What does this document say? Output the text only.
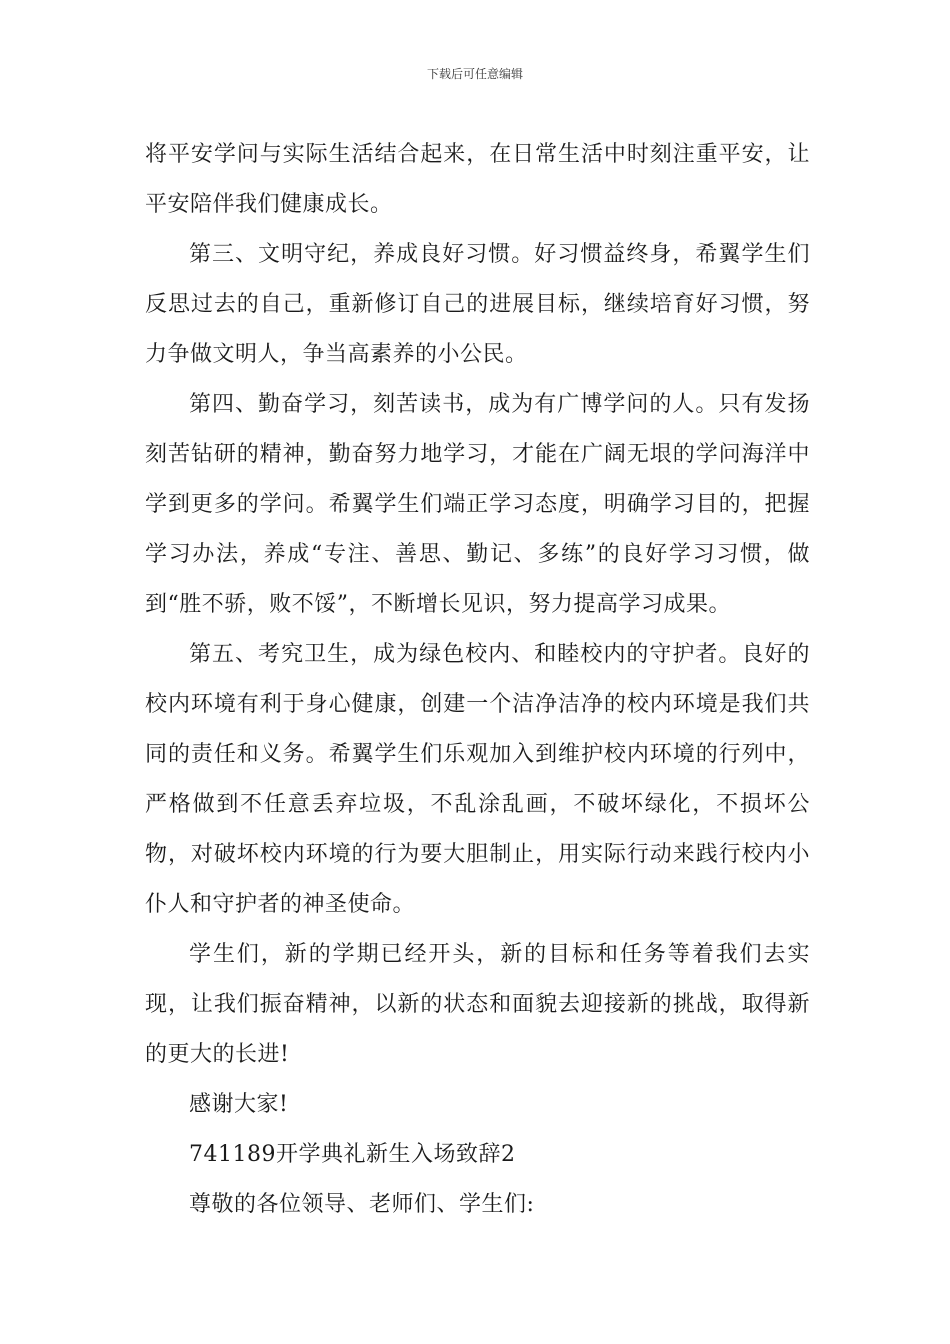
下载后可任意编辑

将平安学问与实际生活结合起来，在日常生活中时刻注重平安，让平安陪伴我们健康成长。

第三、文明守纪，养成良好习惯。好习惯益终身，希翼学生们反思过去的自己，重新修订自己的进展目标，继续培育好习惯，努力争做文明人，争当高素养的小公民。

第四、勤奋学习，刻苦读书，成为有广博学问的人。只有发扬刻苦钻研的精神，勤奋努力地学习，才能在广阔无垠的学问海洋中学到更多的学问。希翼学生们端正学习态度，明确学习目的，把握学习办法，养成“专注、善思、勤记、多练”的良好学习习惯，做到“胜不骄，败不馁”，不断增长见识，努力提高学习成果。

第五、考究卫生，成为绿色校内、和睦校内的守护者。良好的校内环境有利于身心健康，创建一个洁净洁净的校内环境是我们共同的责任和义务。希翼学生们乐观加入到维护校内环境的行列中，严格做到不任意丢弃垃圾，不乱涂乱画，不破坏绿化，不损坏公物，对破坏校内环境的行为要大胆制止，用实际行动来践行校内小仆人和守护者的神圣使命。

学生们，新的学期已经开头，新的目标和任务等着我们去实现，让我们振奋精神，以新的状态和面貌去迎接新的挑战，取得新的更大的长进!

感谢大家!

741189开学典礼新生入场致辞2

尊敬的各位领导、老师们、学生们:
